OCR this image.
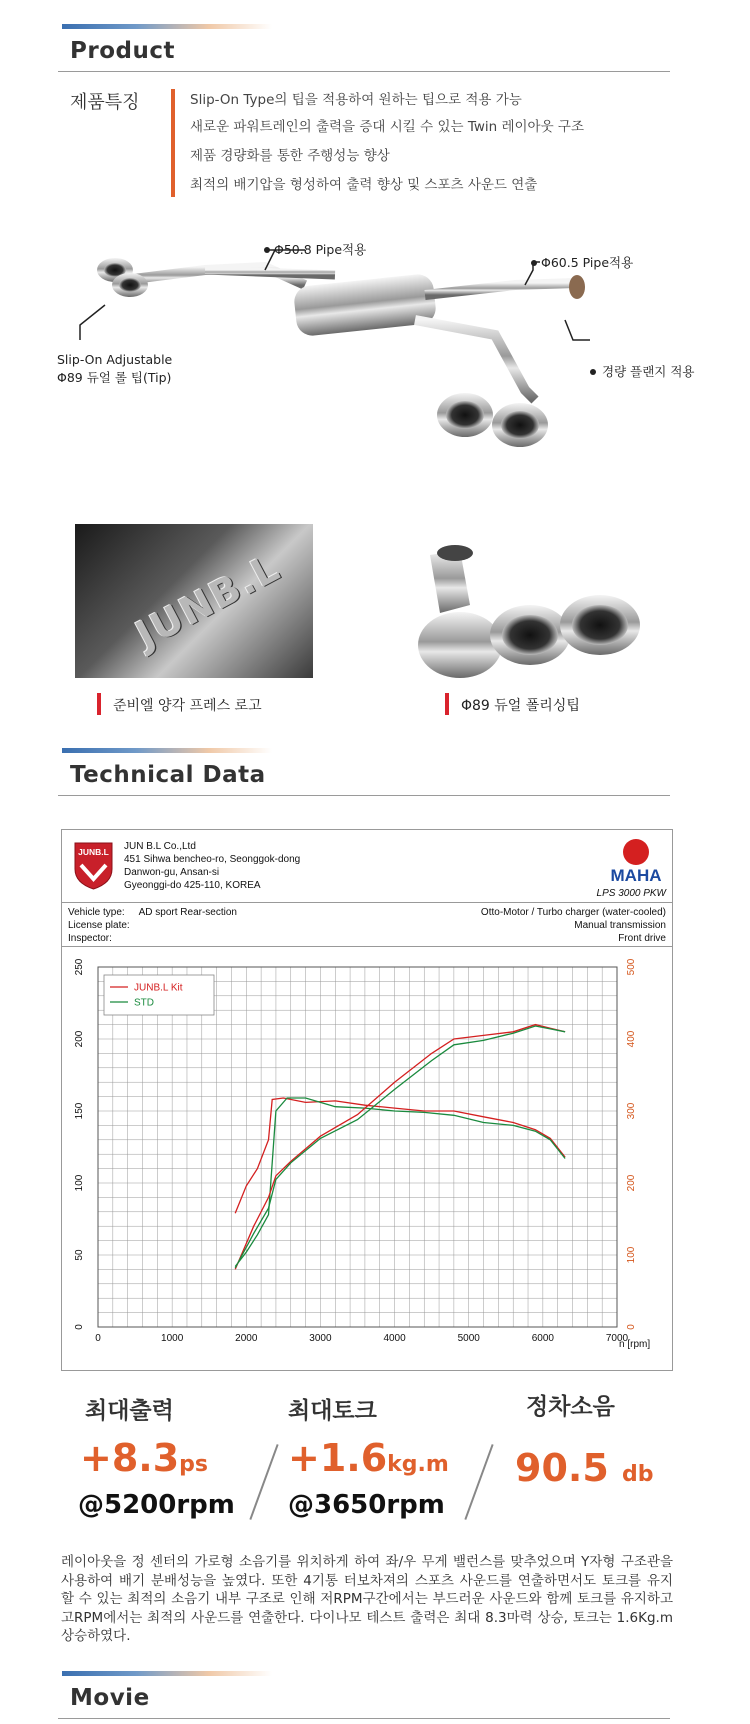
Product
제품특징	Slip-On Type의 팁을 적용하여 원하는 팁으로 적용 가능
새로운 파워트레인의 출력을 증대 시킬 수 있는 Twin 레이아웃 구조
제품 경량화를 통한 주행성능 향상
최적의 배기압을 형성하여 출력 향상 및 스포츠 사운드 연출
Φ50.8 Pipe적용
Φ60.5 Pipe적용
경량 플랜지 적용
Slip-On Adjustable
Φ89 듀얼 롤 팁(Tip)
JUNB.L
준비엘 양각 프레스 로고	Φ89 듀얼 폴리싱팁
Technical Data
JUNB.L JUN B.L Co.,Ltd
451 Sihwa bencheo-ro, Seonggok-dong
Danwon-gu, Ansan-si
Gyeonggi-do 425-110, KOREA
MAHA
LPS 3000 PKW
Vehicle type: AD sport Rear-section
License plate:
Inspector:
Otto-Motor / Turbo charger (water-cooled)
Manual transmission
Front drive
0	1000	2000	3000	4000	5000	6000	7000
n [rpm]
0
50
100
150
200
250
0
100
200
300
400
500
JUNB.L Kit
STD
최대출력
+8.3ps
@5200rpm
최대토크
+1.6kg.m
@3650rpm
정차소음
90.5 db
레이아웃을 정 센터의 가로형 소음기를 위치하게 하여 좌/우 무게 밸런스를 맞추었으며 Y자형 구조관을 사용하여 배기 분배성능을 높였다. 또한 4기통 터보차져의 스포츠 사운드를 연출하면서도 토크를 유지 할 수 있는 최적의 소음기 내부 구조로 인해 저RPM구간에서는 부드러운 사운드와 함께 토크를 유지하고 고RPM에서는 최적의 사운드를 연출한다. 다이나모 테스트 출력은 최대 8.3마력 상승, 토크는 1.6Kg.m 상승하였다.
Movie
